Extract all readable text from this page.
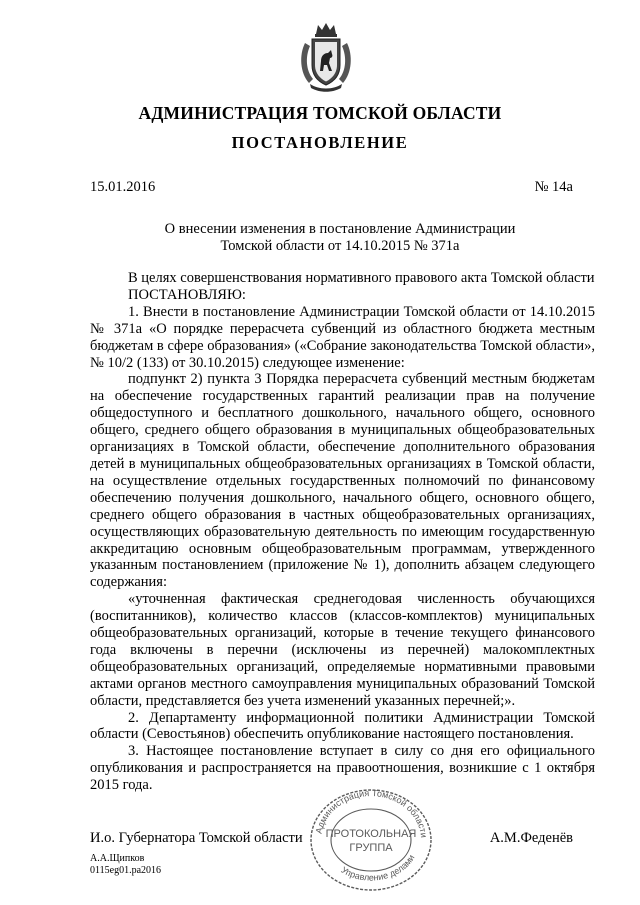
АДМИНИСТРАЦИЯ ТОМСКОЙ ОБЛАСТИ
ПОСТАНОВЛЕНИЕ
15.01.2016	№ 14а
О внесении изменения в постановление Администрации
Томской области от 14.10.2015 № 371а

В целях совершенствования нормативного правового акта Томской области

ПОСТАНОВЛЯЮ:

1. Внести в постановление Администрации Томской области от 14.10.2015 № 371а «О порядке перерасчета субвенций из областного бюджета местным бюджетам в сфере образования» («Собрание законодательства Томской области», № 10/2 (133) от 30.10.2015) следующее изменение:

подпункт 2) пункта 3 Порядка перерасчета субвенций местным бюджетам на обеспечение государственных гарантий реализации прав на получение общедоступного и бесплатного дошкольного, начального общего, основного общего, среднего общего образования в муниципальных общеобразовательных организациях в Томской области, обеспечение дополнительного образования детей в муниципальных общеобразовательных организациях в Томской области, на осуществление отдельных государственных полномочий по финансовому обеспечению получения дошкольного, начального общего, основного общего, среднего общего образования в частных общеобразовательных организациях, осуществляющих образовательную деятельность по имеющим государственную аккредитацию основным общеобразовательным программам, утвержденного указанным постановлением (приложение № 1), дополнить абзацем следующего содержания:

«уточненная фактическая среднегодовая численность обучающихся (воспитанников), количество классов (классов-комплектов) муниципальных общеобразовательных организаций, которые в течение текущего финансового года включены в перечни (исключены из перечней) малокомплектных общеобразовательных организаций, определяемые нормативными правовыми актами органов местного самоуправления муниципальных образований Томской области, представляется без учета изменений указанных перечней;».

2. Департаменту информационной политики Администрации Томской области (Севостьянов) обеспечить опубликование настоящего постановления.

3. Настоящее постановление вступает в силу со дня его официального опубликования и распространяется на правоотношения, возникшие с 1 октября 2015 года.

Администрация Томской области
Управление делами
ПРОТОКОЛЬНАЯ
ГРУППА
И.о. Губернатора Томской области	А.М.Феденёв
А.А.Щипков
0115eg01.pa2016
